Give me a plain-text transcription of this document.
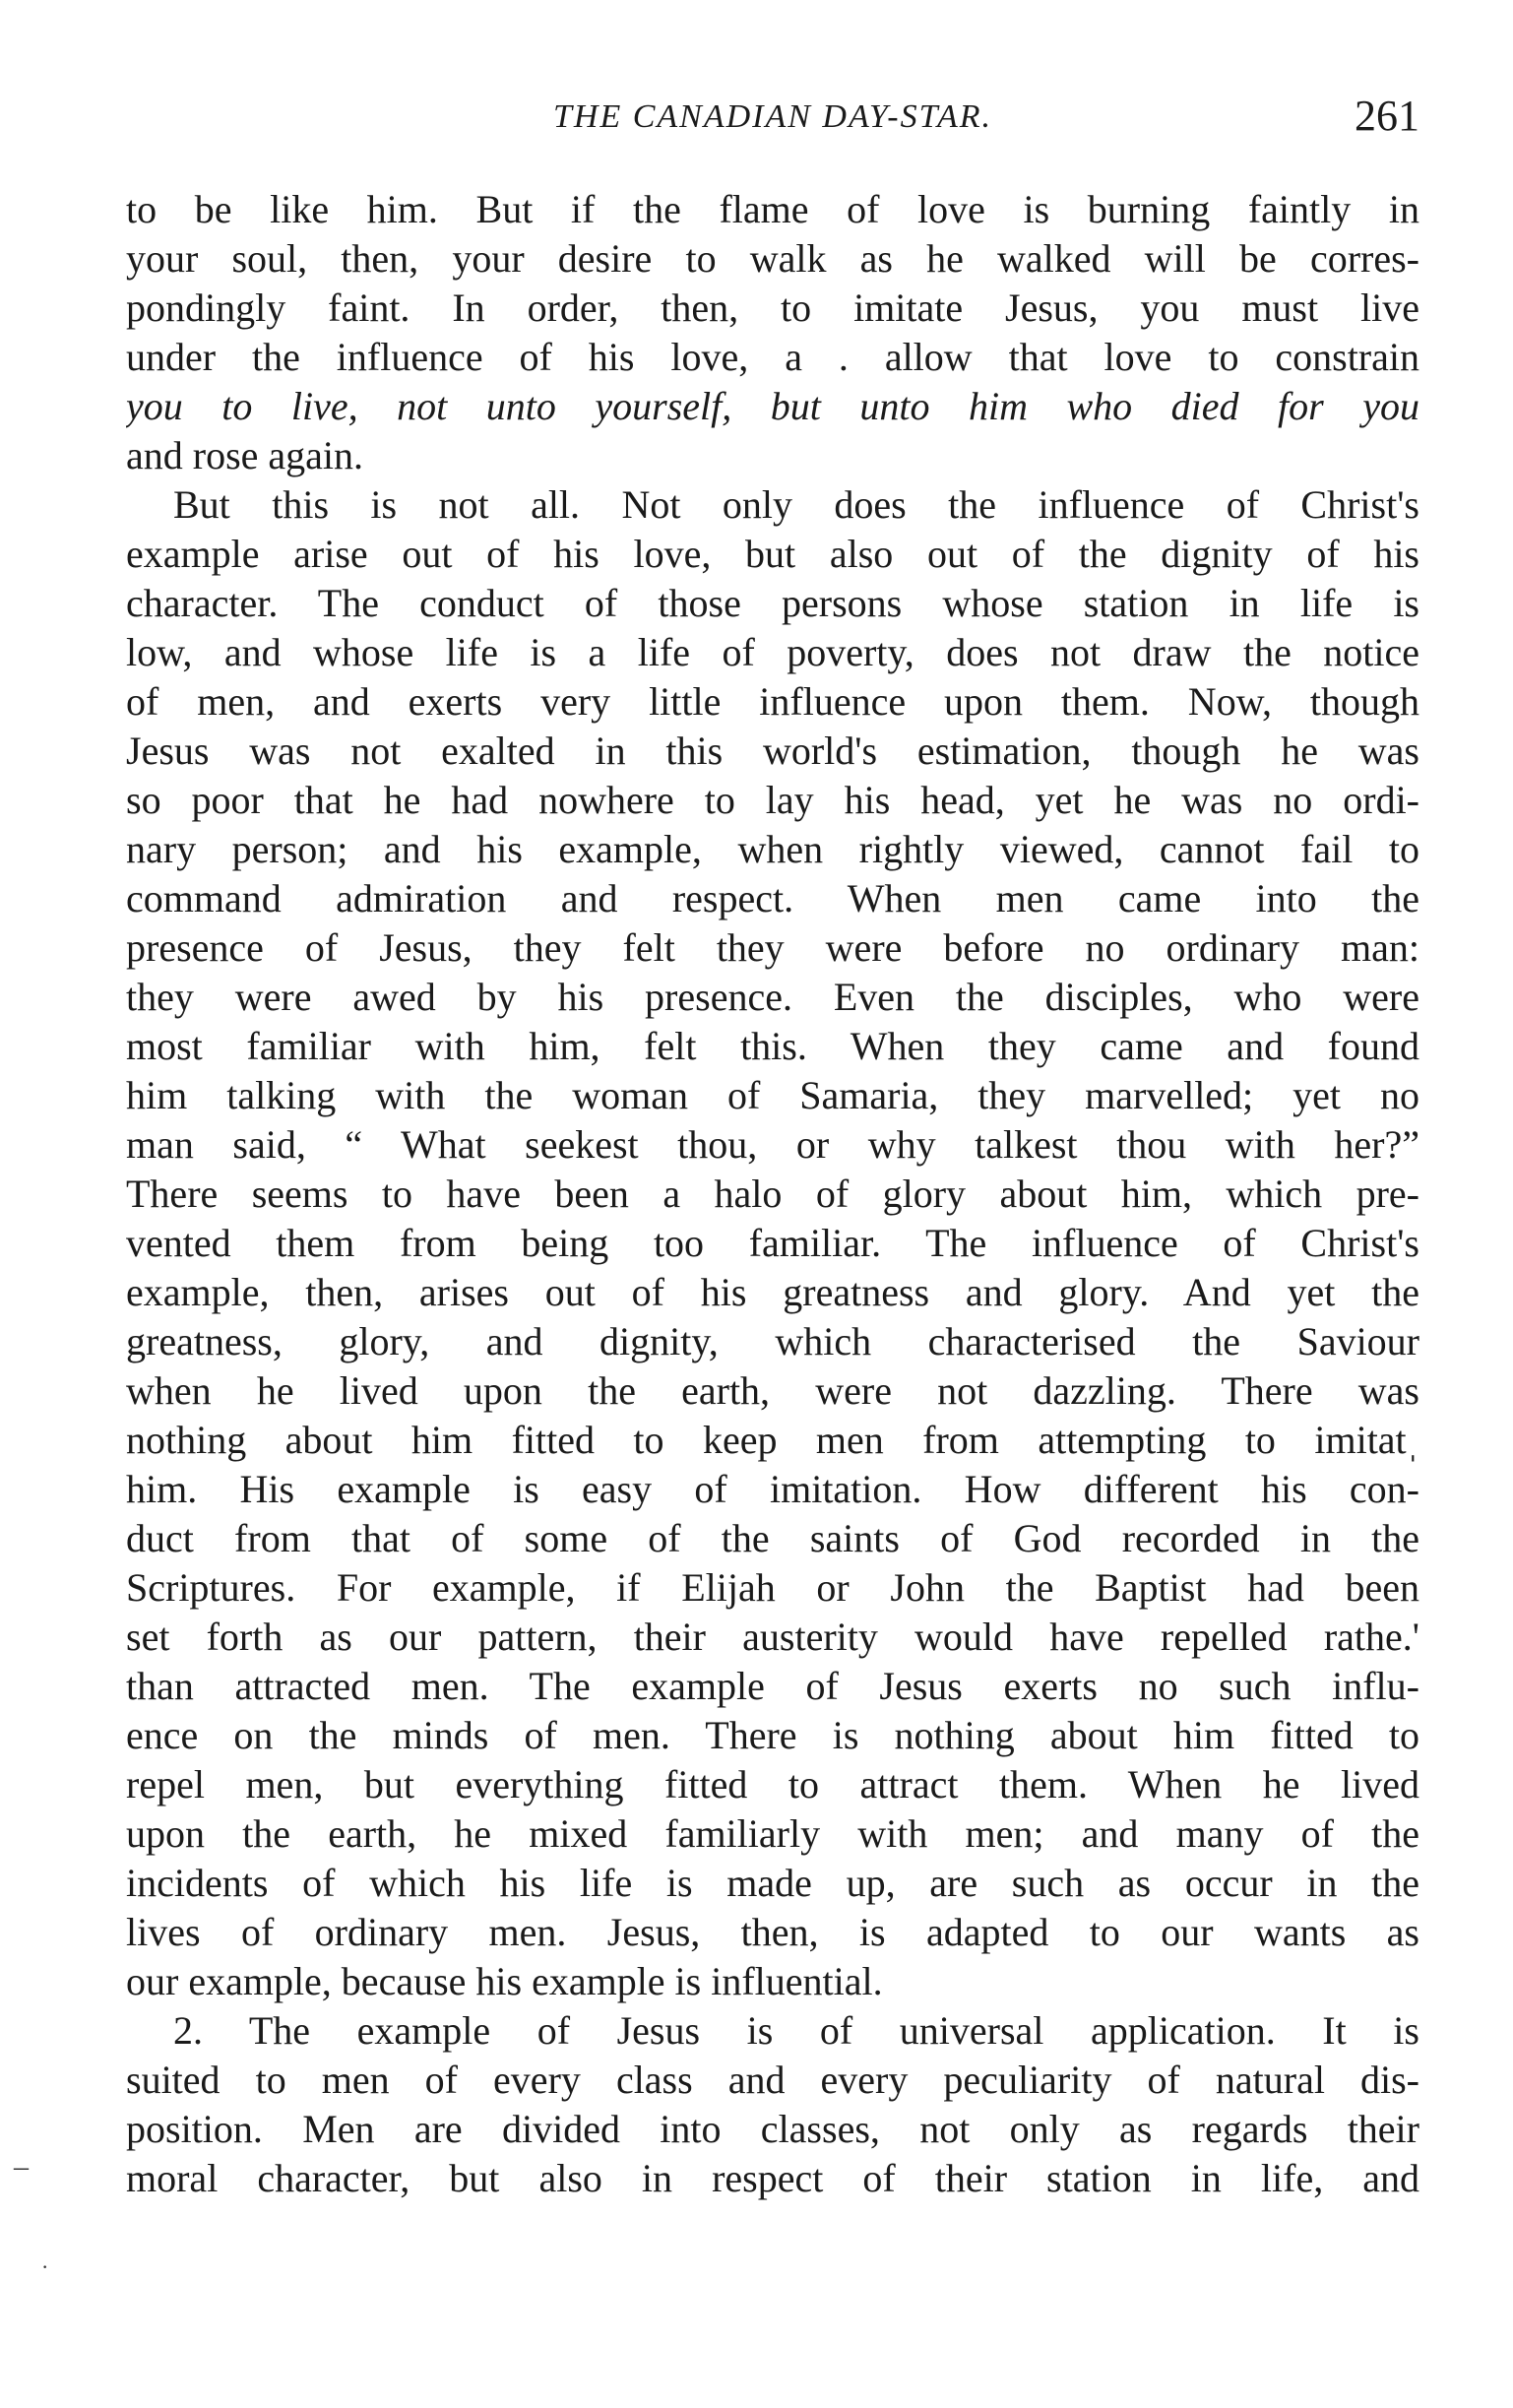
THE CANADIAN DAY-STAR.	261
to be like him. But if the flame of love is burning faintly in
your soul, then, your desire to walk as he walked will be corres-
pondingly faint. In order, then, to imitate Jesus, you must live
under the influence of his love, a . allow that love to constrain
you to live, not unto yourself, but unto him who died for you
and rose again.
But this is not all. Not only does the influence of Christ's
example arise out of his love, but also out of the dignity of his
character. The conduct of those persons whose station in life is
low, and whose life is a life of poverty, does not draw the notice
of men, and exerts very little influence upon them. Now, though
Jesus was not exalted in this world's estimation, though he was
so poor that he had nowhere to lay his head, yet he was no ordi-
nary person; and his example, when rightly viewed, cannot fail to
command admiration and respect. When men came into the
presence of Jesus, they felt they were before no ordinary man:
they were awed by his presence. Even the disciples, who were
most familiar with him, felt this. When they came and found
him talking with the woman of Samaria, they marvelled; yet no
man said, “ What seekest thou, or why talkest thou with her?”
There seems to have been a halo of glory about him, which pre-
vented them from being too familiar. The influence of Christ's
example, then, arises out of his greatness and glory. And yet the
greatness, glory, and dignity, which characterised the Saviour
when he lived upon the earth, were not dazzling. There was
nothing about him fitted to keep men from attempting to imitatˌ
him. His example is easy of imitation. How different his con-
duct from that of some of the saints of God recorded in the
Scriptures. For example, if Elijah or John the Baptist had been
set forth as our pattern, their austerity would have repelled rathe.'
than attracted men. The example of Jesus exerts no such influ-
ence on the minds of men. There is nothing about him fitted to
repel men, but everything fitted to attract them. When he lived
upon the earth, he mixed familiarly with men; and many of the
incidents of which his life is made up, are such as occur in the
lives of ordinary men. Jesus, then, is adapted to our wants as
our example, because his example is influential.
2. The example of Jesus is of universal application. It is
suited to men of every class and every peculiarity of natural dis-
position. Men are divided into classes, not only as regards their
moral character, but also in respect of their station in life, and
–
·
